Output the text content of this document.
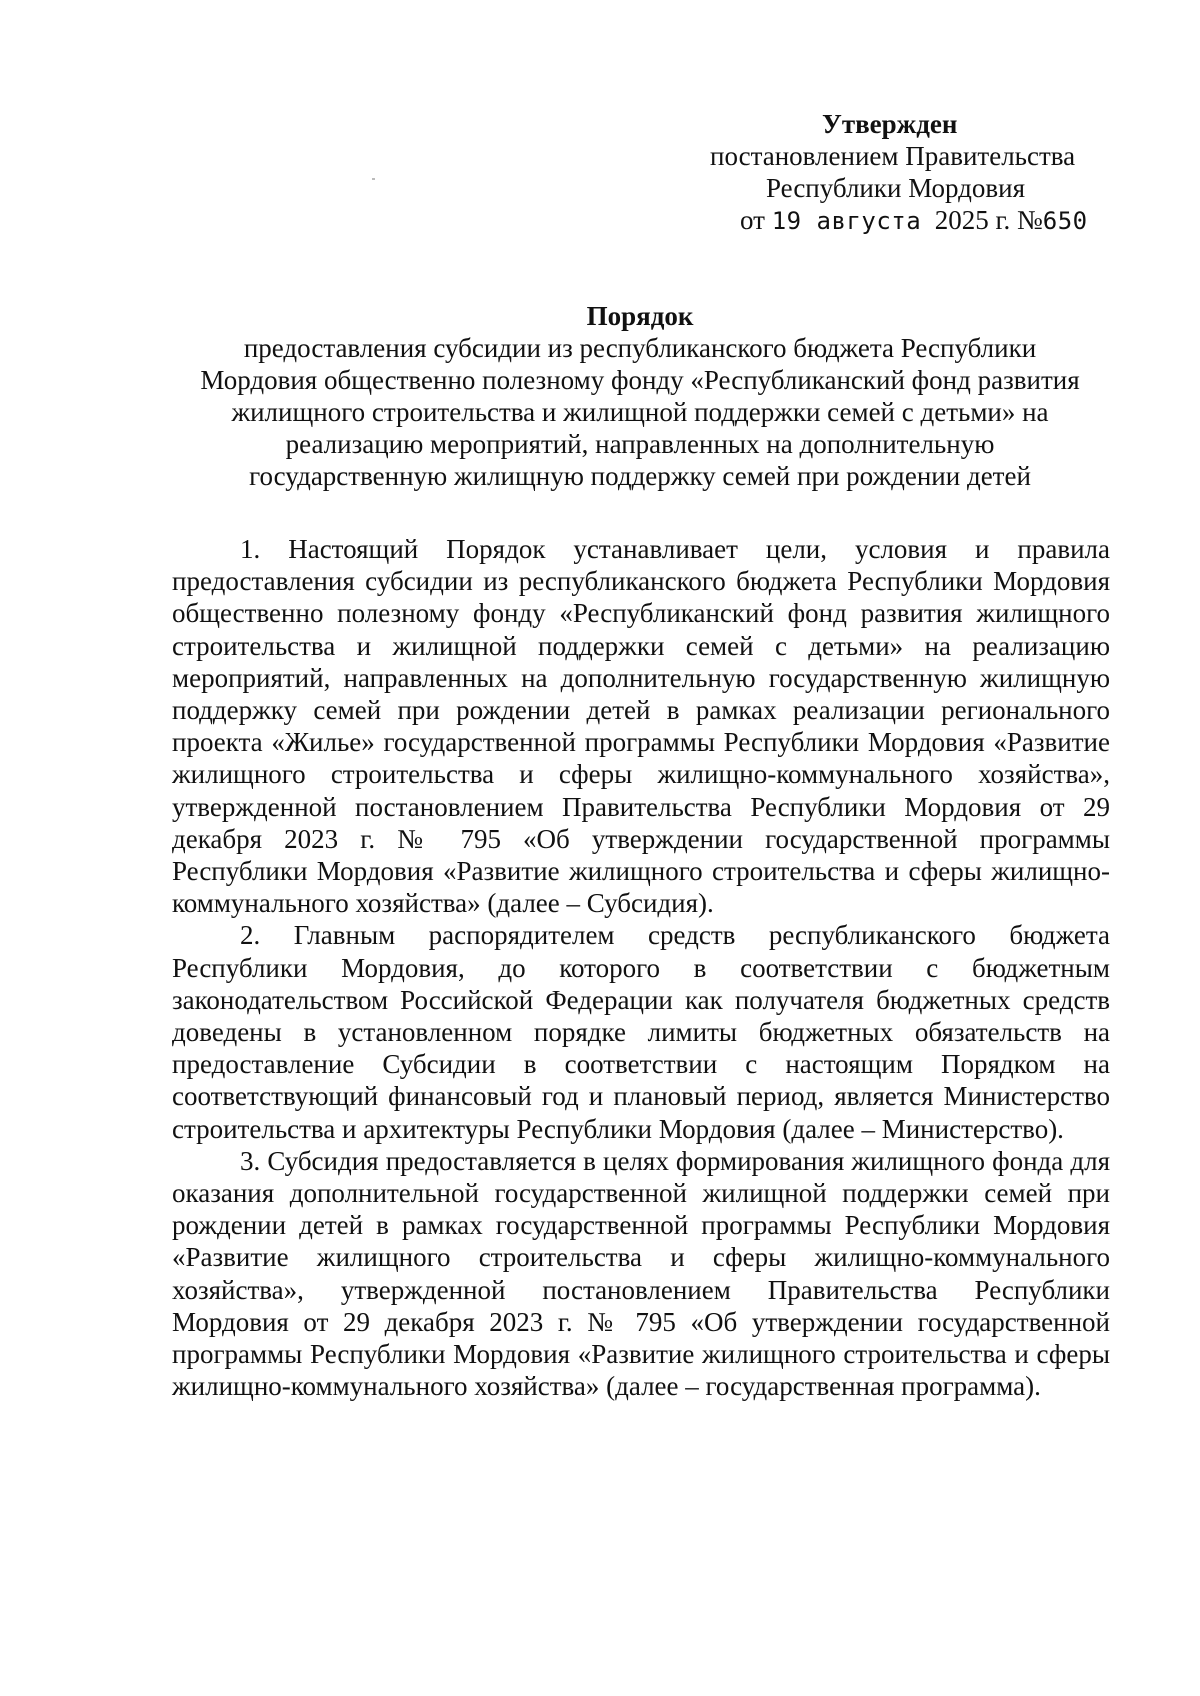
Утвержден
постановлением Правительства
Республики Мордовия
от 19 августа 2025 г. №650
Порядок
предоставления субсидии из республиканского бюджета Республики
Мордовия общественно полезному фонду «Республиканский фонд развития
жилищного строительства и жилищной поддержки семей с детьми» на
реализацию мероприятий, направленных на дополнительную
государственную жилищную поддержку семей при рождении детей

1. Настоящий Порядок устанавливает цели, условия и правила предоставления субсидии из республиканского бюджета Республики Мордовия общественно полезному фонду «Республиканский фонд развития жилищного строительства и жилищной поддержки семей с детьми» на реализацию мероприятий, направленных на дополнительную государственную жилищную поддержку семей при рождении детей в рамках реализации регионального проекта «Жилье» государственной программы Республики Мордовия «Развитие жилищного строительства и сферы жилищно-коммунального хозяйства», утвержденной постановлением Правительства Республики Мордовия от 29 декабря 2023 г. № 795 «Об утверждении государственной программы Республики Мордовия «Развитие жилищного строительства и сферы жилищно-коммунального хозяйства» (далее – Субсидия).

2. Главным распорядителем средств республиканского бюджета Республики Мордовия, до которого в соответствии с бюджетным законодательством Российской Федерации как получателя бюджетных средств доведены в установленном порядке лимиты бюджетных обязательств на предоставление Субсидии в соответствии с настоящим Порядком на соответствующий финансовый год и плановый период, является Министерство строительства и архитектуры Республики Мордовия (далее – Министерство).

3. Субсидия предоставляется в целях формирования жилищного фонда для оказания дополнительной государственной жилищной поддержки семей при рождении детей в рамках государственной программы Республики Мордовия «Развитие жилищного строительства и сферы жилищно-коммунального хозяйства», утвержденной постановлением Правительства Республики Мордовия от 29 декабря 2023 г. № 795 «Об утверждении государственной программы Республики Мордовия «Развитие жилищного строительства и сферы жилищно-коммунального хозяйства» (далее – государственная программа).
